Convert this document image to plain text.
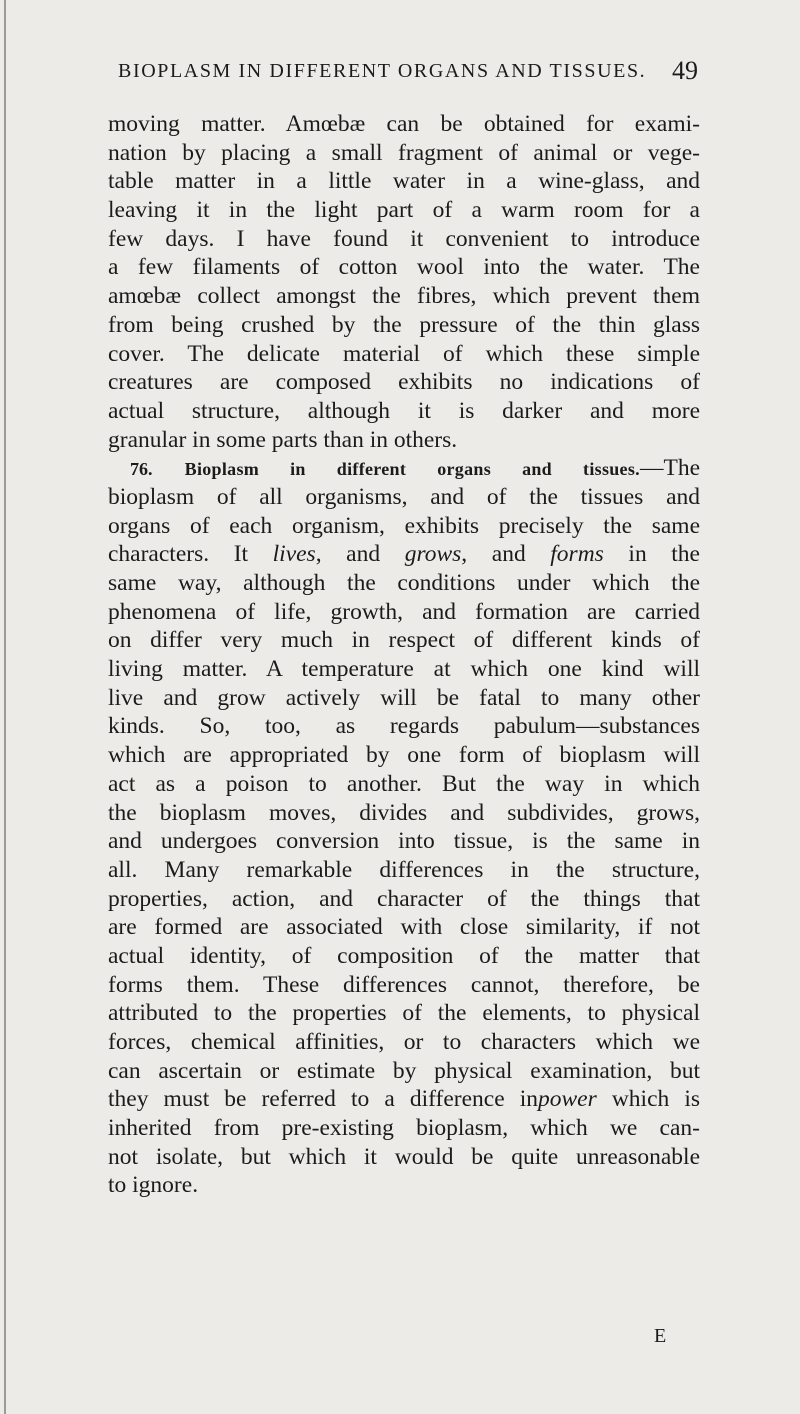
BIOPLASM IN DIFFERENT ORGANS AND TISSUES. 49
moving matter. Amœbæ can be obtained for exami-
nation by placing a small fragment of animal or vege-
table matter in a little water in a wine-glass, and
leaving it in the light part of a warm room for a
few days. I have found it convenient to introduce
a few filaments of cotton wool into the water. The
amœbæ collect amongst the fibres, which prevent them
from being crushed by the pressure of the thin glass
cover. The delicate material of which these simple
creatures are composed exhibits no indications of
actual structure, although it is darker and more
granular in some parts than in others.
76. Bioplasm in different organs and tissues.—The
bioplasm of all organisms, and of the tissues and
organs of each organism, exhibits precisely the same
characters. It lives, and grows, and forms in the
same way, although the conditions under which the
phenomena of life, growth, and formation are carried
on differ very much in respect of different kinds of
living matter. A temperature at which one kind will
live and grow actively will be fatal to many other
kinds. So, too, as regards pabulum—substances
which are appropriated by one form of bioplasm will
act as a poison to another. But the way in which
the bioplasm moves, divides and subdivides, grows,
and undergoes conversion into tissue, is the same in
all. Many remarkable differences in the structure,
properties, action, and character of the things that
are formed are associated with close similarity, if not
actual identity, of composition of the matter that
forms them. These differences cannot, therefore, be
attributed to the properties of the elements, to physical
forces, chemical affinities, or to characters which we
can ascertain or estimate by physical examination, but
they must be referred to a difference inpower which is
inherited from pre-existing bioplasm, which we can-
not isolate, but which it would be quite unreasonable
to ignore.
E
